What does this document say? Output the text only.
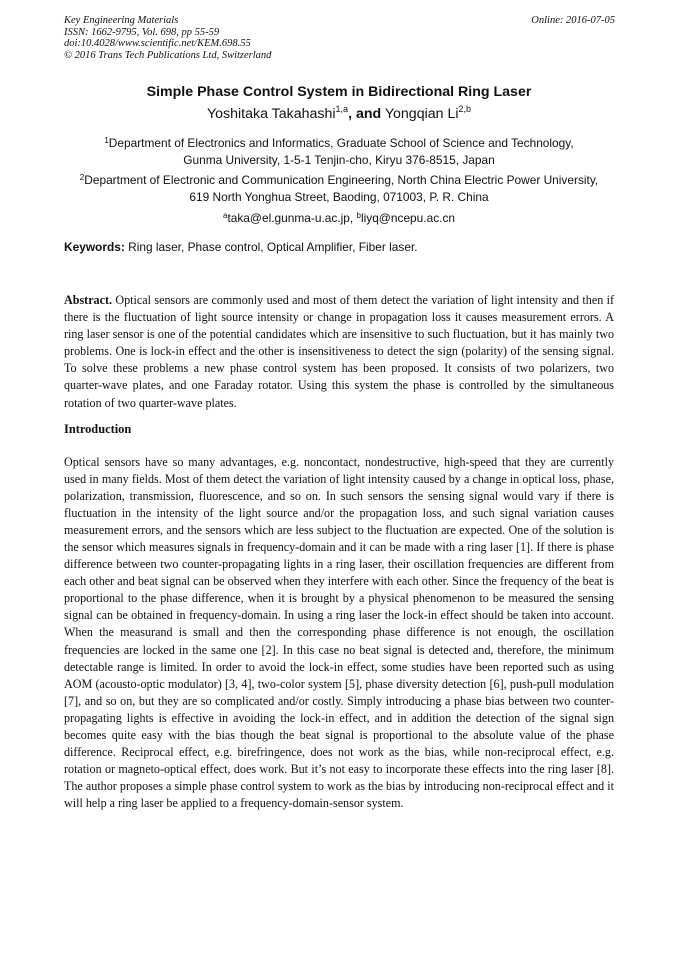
Key Engineering Materials
ISSN: 1662-9795, Vol. 698, pp 55-59
doi:10.4028/www.scientific.net/KEM.698.55
© 2016 Trans Tech Publications Ltd, Switzerland
Online: 2016-07-05
Simple Phase Control System in Bidirectional Ring Laser
Yoshitaka Takahashi$^{1,a}$, and Yongqian Li$^{2,b}$
$^1$Department of Electronics and Informatics, Graduate School of Science and Technology,
Gunma University, 1-5-1 Tenjin-cho, Kiryu 376-8515, Japan
$^2$Department of Electronic and Communication Engineering, North China Electric Power University,
619 North Yonghua Street, Baoding, 071003, P. R. China
$^a$taka@el.gunma-u.ac.jp, $^b$liyq@ncepu.ac.cn
Keywords: Ring laser, Phase control, Optical Amplifier, Fiber laser.

Abstract. Optical sensors are commonly used and most of them detect the variation of light intensity and then if there is the fluctuation of light source intensity or change in propagation loss it causes measurement errors. A ring laser sensor is one of the potential candidates which are insensitive to such fluctuation, but it has mainly two problems. One is lock-in effect and the other is insensitiveness to detect the sign (polarity) of the sensing signal. To solve these problems a new phase control system has been proposed. It consists of two polarizers, two quarter-wave plates, and one Faraday rotator. Using this system the phase is controlled by the simultaneous rotation of two quarter-wave plates.

Introduction

Optical sensors have so many advantages, e.g. noncontact, nondestructive, high-speed that they are currently used in many fields. Most of them detect the variation of light intensity caused by a change in optical loss, phase, polarization, transmission, fluorescence, and so on. In such sensors the sensing signal would vary if there is fluctuation in the intensity of the light source and/or the propagation loss, and such signal variation causes measurement errors, and the sensors which are less subject to the fluctuation are expected. One of the solution is the sensor which measures signals in frequency-domain and it can be made with a ring laser [1]. If there is phase difference between two counter-propagating lights in a ring laser, their oscillation frequencies are different from each other and beat signal can be observed when they interfere with each other. Since the frequency of the beat is proportional to the phase difference, when it is brought by a physical phenomenon to be measured the sensing signal can be obtained in frequency-domain. In using a ring laser the lock-in effect should be taken into account. When the measurand is small and then the corresponding phase difference is not enough, the oscillation frequencies are locked in the same one [2]. In this case no beat signal is detected and, therefore, the minimum detectable range is limited. In order to avoid the lock-in effect, some studies have been reported such as using AOM (acousto-optic modulator) [3, 4], two-color system [5], phase diversity detection [6], push-pull modulation [7], and so on, but they are so complicated and/or costly. Simply introducing a phase bias between two counter-propagating lights is effective in avoiding the lock-in effect, and in addition the detection of the signal sign becomes quite easy with the bias though the beat signal is proportional to the absolute value of the phase difference. Reciprocal effect, e.g. birefringence, does not work as the bias, while non-reciprocal effect, e.g. rotation or magneto-optical effect, does work. But it’s not easy to incorporate these effects into the ring laser [8]. The author proposes a simple phase control system to work as the bias by introducing non-reciprocal effect and it will help a ring laser be applied to a frequency-domain-sensor system.
